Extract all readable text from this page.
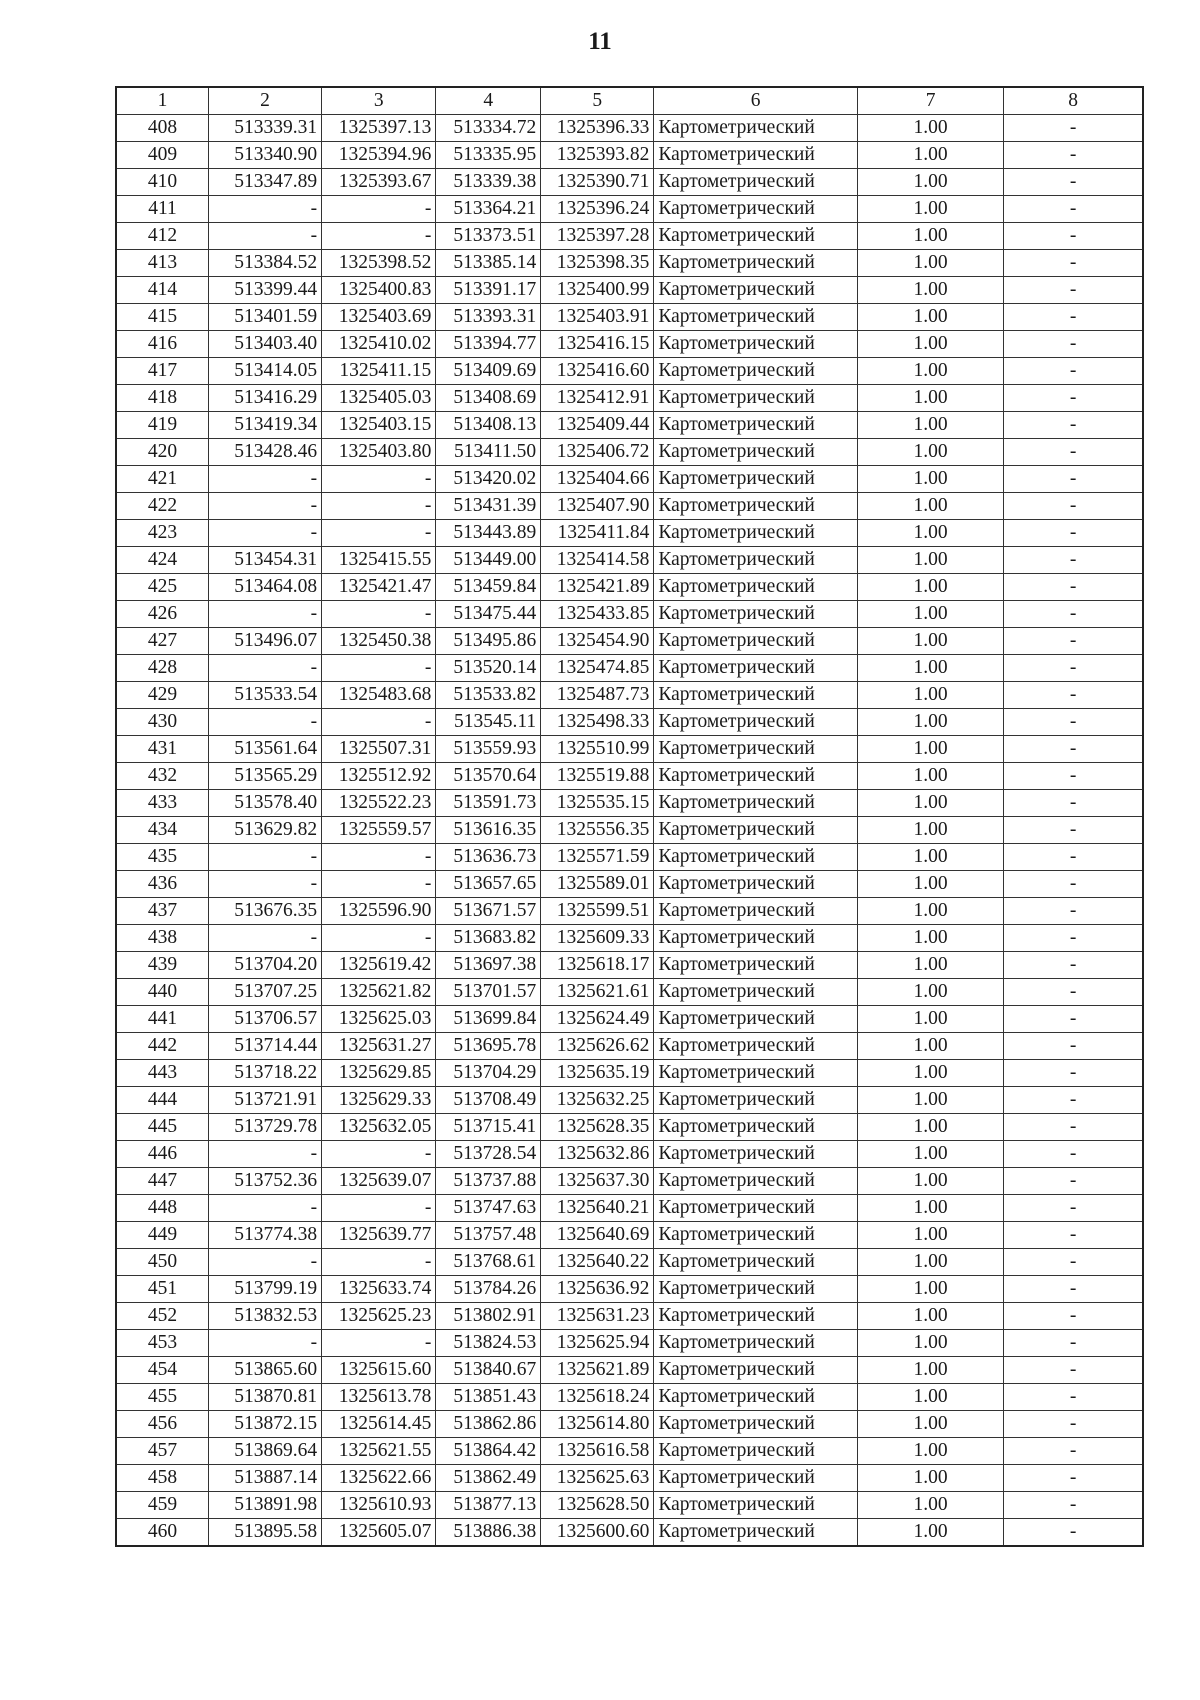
11
1	2	3	4	5	6	7	8
408	513339.31	1325397.13	513334.72	1325396.33	Картометрический	1.00	-
409	513340.90	1325394.96	513335.95	1325393.82	Картометрический	1.00	-
410	513347.89	1325393.67	513339.38	1325390.71	Картометрический	1.00	-
411	-	-	513364.21	1325396.24	Картометрический	1.00	-
412	-	-	513373.51	1325397.28	Картометрический	1.00	-
413	513384.52	1325398.52	513385.14	1325398.35	Картометрический	1.00	-
414	513399.44	1325400.83	513391.17	1325400.99	Картометрический	1.00	-
415	513401.59	1325403.69	513393.31	1325403.91	Картометрический	1.00	-
416	513403.40	1325410.02	513394.77	1325416.15	Картометрический	1.00	-
417	513414.05	1325411.15	513409.69	1325416.60	Картометрический	1.00	-
418	513416.29	1325405.03	513408.69	1325412.91	Картометрический	1.00	-
419	513419.34	1325403.15	513408.13	1325409.44	Картометрический	1.00	-
420	513428.46	1325403.80	513411.50	1325406.72	Картометрический	1.00	-
421	-	-	513420.02	1325404.66	Картометрический	1.00	-
422	-	-	513431.39	1325407.90	Картометрический	1.00	-
423	-	-	513443.89	1325411.84	Картометрический	1.00	-
424	513454.31	1325415.55	513449.00	1325414.58	Картометрический	1.00	-
425	513464.08	1325421.47	513459.84	1325421.89	Картометрический	1.00	-
426	-	-	513475.44	1325433.85	Картометрический	1.00	-
427	513496.07	1325450.38	513495.86	1325454.90	Картометрический	1.00	-
428	-	-	513520.14	1325474.85	Картометрический	1.00	-
429	513533.54	1325483.68	513533.82	1325487.73	Картометрический	1.00	-
430	-	-	513545.11	1325498.33	Картометрический	1.00	-
431	513561.64	1325507.31	513559.93	1325510.99	Картометрический	1.00	-
432	513565.29	1325512.92	513570.64	1325519.88	Картометрический	1.00	-
433	513578.40	1325522.23	513591.73	1325535.15	Картометрический	1.00	-
434	513629.82	1325559.57	513616.35	1325556.35	Картометрический	1.00	-
435	-	-	513636.73	1325571.59	Картометрический	1.00	-
436	-	-	513657.65	1325589.01	Картометрический	1.00	-
437	513676.35	1325596.90	513671.57	1325599.51	Картометрический	1.00	-
438	-	-	513683.82	1325609.33	Картометрический	1.00	-
439	513704.20	1325619.42	513697.38	1325618.17	Картометрический	1.00	-
440	513707.25	1325621.82	513701.57	1325621.61	Картометрический	1.00	-
441	513706.57	1325625.03	513699.84	1325624.49	Картометрический	1.00	-
442	513714.44	1325631.27	513695.78	1325626.62	Картометрический	1.00	-
443	513718.22	1325629.85	513704.29	1325635.19	Картометрический	1.00	-
444	513721.91	1325629.33	513708.49	1325632.25	Картометрический	1.00	-
445	513729.78	1325632.05	513715.41	1325628.35	Картометрический	1.00	-
446	-	-	513728.54	1325632.86	Картометрический	1.00	-
447	513752.36	1325639.07	513737.88	1325637.30	Картометрический	1.00	-
448	-	-	513747.63	1325640.21	Картометрический	1.00	-
449	513774.38	1325639.77	513757.48	1325640.69	Картометрический	1.00	-
450	-	-	513768.61	1325640.22	Картометрический	1.00	-
451	513799.19	1325633.74	513784.26	1325636.92	Картометрический	1.00	-
452	513832.53	1325625.23	513802.91	1325631.23	Картометрический	1.00	-
453	-	-	513824.53	1325625.94	Картометрический	1.00	-
454	513865.60	1325615.60	513840.67	1325621.89	Картометрический	1.00	-
455	513870.81	1325613.78	513851.43	1325618.24	Картометрический	1.00	-
456	513872.15	1325614.45	513862.86	1325614.80	Картометрический	1.00	-
457	513869.64	1325621.55	513864.42	1325616.58	Картометрический	1.00	-
458	513887.14	1325622.66	513862.49	1325625.63	Картометрический	1.00	-
459	513891.98	1325610.93	513877.13	1325628.50	Картометрический	1.00	-
460	513895.58	1325605.07	513886.38	1325600.60	Картометрический	1.00	-
